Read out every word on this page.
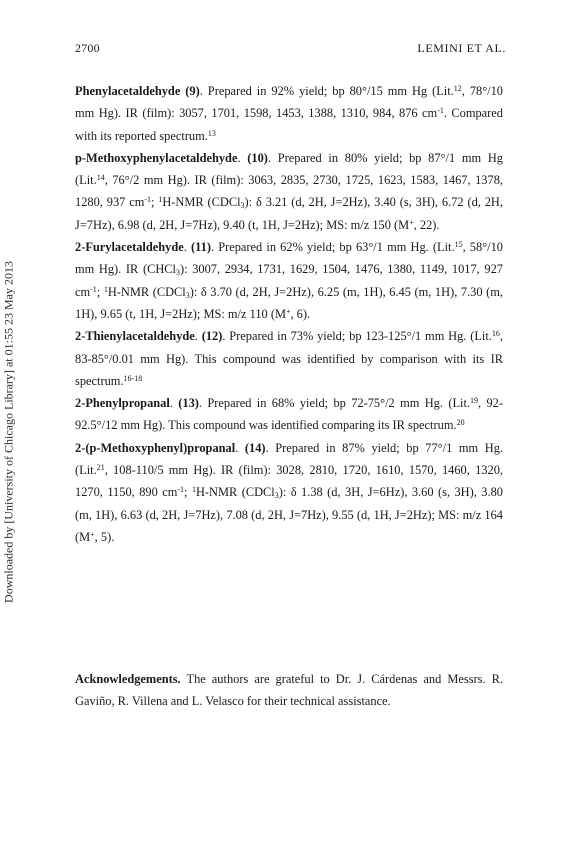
2700	LEMINI ET AL.
Downloaded by [University of Chicago Library] at 01:55 23 May 2013

Phenylacetaldehyde (9). Prepared in 92% yield; bp 80°/15 mm Hg (Lit.$^{12}$, 78°/10 mm Hg). IR (film): 3057, 1701, 1598, 1453, 1388, 1310, 984, 876 $cm^{-1}$. Compared with its reported spectrum.$^{13}$

p-Methoxyphenylacetaldehyde. (10). Prepared in 80% yield; bp 87°/1 mm Hg (Lit.$^{14}$, 76°/2 mm Hg). IR (film): 3063, 2835, 2730, 1725, 1623, 1583, 1467, 1378, 1280, 937 $cm^{-1}$; $^1$H-NMR (CDCl$_3$): δ 3.21 (d, 2H, J=2Hz), 3.40 (s, 3H), 6.72 (d, 2H, J=7Hz), 6.98 (d, 2H, J=7Hz), 9.40 (t, 1H, J=2Hz); MS: m/z 150 (M+, 22).

2-Furylacetaldehyde. (11). Prepared in 62% yield; bp 63°/1 mm Hg. (Lit.$^{15}$, 58°/10 mm Hg). IR (CHCl$_3$): 3007, 2934, 1731, 1629, 1504, 1476, 1380, 1149, 1017, 927 $cm^{-1}$; $^1$H-NMR (CDCl$_3$): δ 3.70 (d, 2H, J=2Hz), 6.25 (m, 1H), 6.45 (m, 1H), 7.30 (m, 1H), 9.65 (t, 1H, J=2Hz); MS: m/z 110 (M+, 6).

2-Thienylacetaldehyde. (12). Prepared in 73% yield; bp 123-125°/1 mm Hg. (Lit.$^{16}$, 83-85°/0.01 mm Hg). This compound was identified by comparison with its IR spectrum.$^{16-18}$

2-Phenylpropanal. (13). Prepared in 68% yield; bp 72-75°/2 mm Hg. (Lit.$^{19}$, 92-92.5°/12 mm Hg). This compound was identified comparing its IR spectrum.$^{20}$

2-(p-Methoxyphenyl)propanal. (14). Prepared in 87% yield; bp 77°/1 mm Hg. (Lit.$^{21}$, 108-110/5 mm Hg). IR (film): 3028, 2810, 1720, 1610, 1570, 1460, 1320, 1270, 1150, 890 $cm^{-1}$; $^1$H-NMR (CDCl$_3$): δ 1.38 (d, 3H, J=6Hz), 3.60 (s, 3H), 3.80 (m, 1H), 6.63 (d, 2H, J=7Hz), 7.08 (d, 2H, J=7Hz), 9.55 (d, 1H, J=2Hz); MS: m/z 164 (M+, 5).

Acknowledgements. The authors are grateful to Dr. J. Cárdenas and Messrs. R. Gaviño, R. Villena and L. Velasco for their technical assistance.
